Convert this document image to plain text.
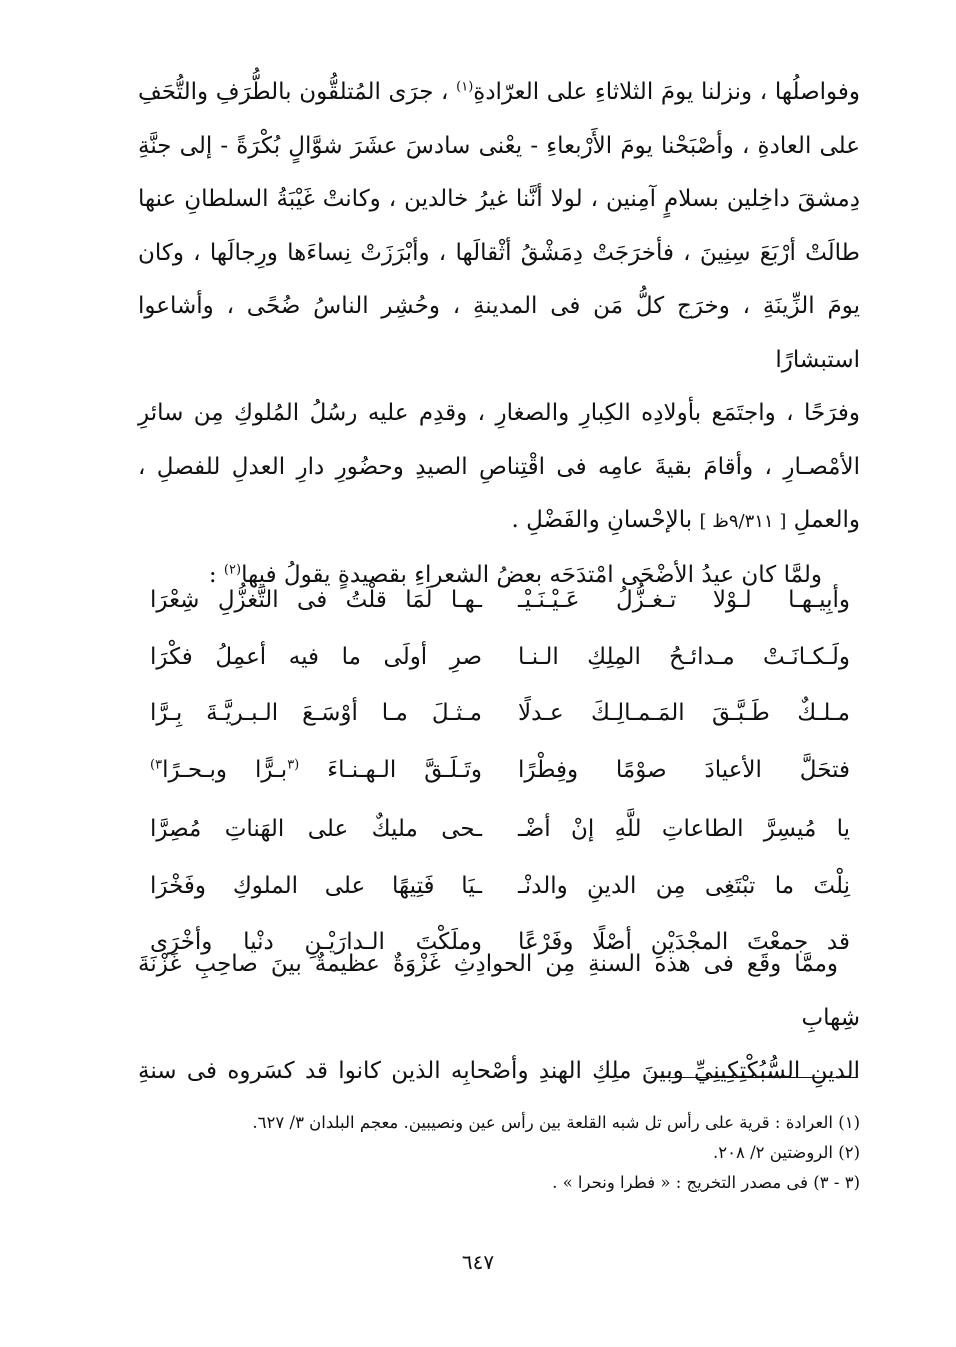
وفواصلُها ، ونزلنا يومَ الثلاثاءِ على العرّادةِ$^{(١)}$ ، جرَى المُتلقُّون بالطُّرَفِ والتُّحَفِ

على العادةِ ، وأصْبَحْنا يومَ الأَرْبعاءِ - يعْنى سادسَ عشَرَ شوَّالٍ بُكْرَةً - إلى جنَّةِ

دِمشقَ داخِلين بسلامٍ آمِنين ، لولا أنَّنا غيرُ خالدين ، وكانتْ غَيْبَةُ السلطانِ عنها

طالَتْ أرْبَعَ سِنِينَ ، فأخرَجَتْ دِمَشْقُ أثْقالَها ، وأبْرَزَتْ نِساءَها ورِجالَها ، وكان

يومَ الزِّينَةِ ، وخرَج كلُّ مَن فى المدينةِ ، وحُشِر الناسُ ضُحًى ، وأشاعوا استبشارًا

وفرَحًا ، واجتَمَع بأولادِه الكِبارِ والصغارِ ، وقدِم عليه رسُلُ المُلوكِ مِن سائرِ

الأمْصـارِ ، وأقامَ بقيةَ عامِه فى اقْتِناصِ الصيدِ وحضُورِ دارِ العدلِ للفصلِ ،

والعملِ [ ٩/٣١١ظ ] بالإحْسانِ والفَضْلِ .

ولمَّا كان عيدُ الأضْحَى امْتدَحَه بعضُ الشعراءِ بقصيدةٍ يقولُ فيها$^{(٢)}$ :

وأبِيـهـا لـوْلا تـغـزُّلُ عَـيْـنَـيْـ
ـهـا لَمَا قلْتُ فى التَّغزُّلِ شِعْرَا
ولَـكـانَـتْ مـدائـحُ المِلِكِ الـنـا
صرِ أولَى ما فيه أعمِلُ فكْرَا
مـلـكٌ طَـبَّـقَ المَـمـالِـكَ عـدلًا
مـثـلَ مـا أوْسَـعَ الـبـريَّـةَ بِـرَّا
فتحَلَّ الأعيادَ صوْمًا وفِطْرًا
وتَـلَـقَّ الـهـنـاءَ $^{(٣}$بـرًّا وبـحـرًا$^{٣)}$
يا مُيسِرَّ الطاعاتِ للَّهِ إنْ أضْـ
ـحى مليكٌ على الهَناتِ مُصِرَّا
نِلْتَ ما تبْتَغِى مِن الدينِ والدنْـ
ـيَا فَتِيهًا على الملوكِ وفَخْرَا
قد جمعْتَ المجْدَيْنِ أصْلًا وفَرْعًا
وملَكْتَ الـدارَيْـنِ دنْيا وأخْرَى

وممَّا وقَع فى هذه السنةِ مِن الحوادِثِ غَزْوَةٌ عظيمةٌ بينَ صاحِبِ غَزْنَةَ شِهابِ

الدينِ السُّبُكْتِكِينِيِّ وبينَ ملِكِ الهندِ وأصْحابِه الذين كانوا قد كسَروه فى سنةِ

(١) العرادة : قرية على رأس تل شبه القلعة بين رأس عين ونصيبين. معجم البلدان ٣/ ٦٢٧.
(٢) الروضتين ٢/ ٢٠٨.
(٣ - ٣) فى مصدر التخريج : « فطرا ونحرا » .
٦٤٧
